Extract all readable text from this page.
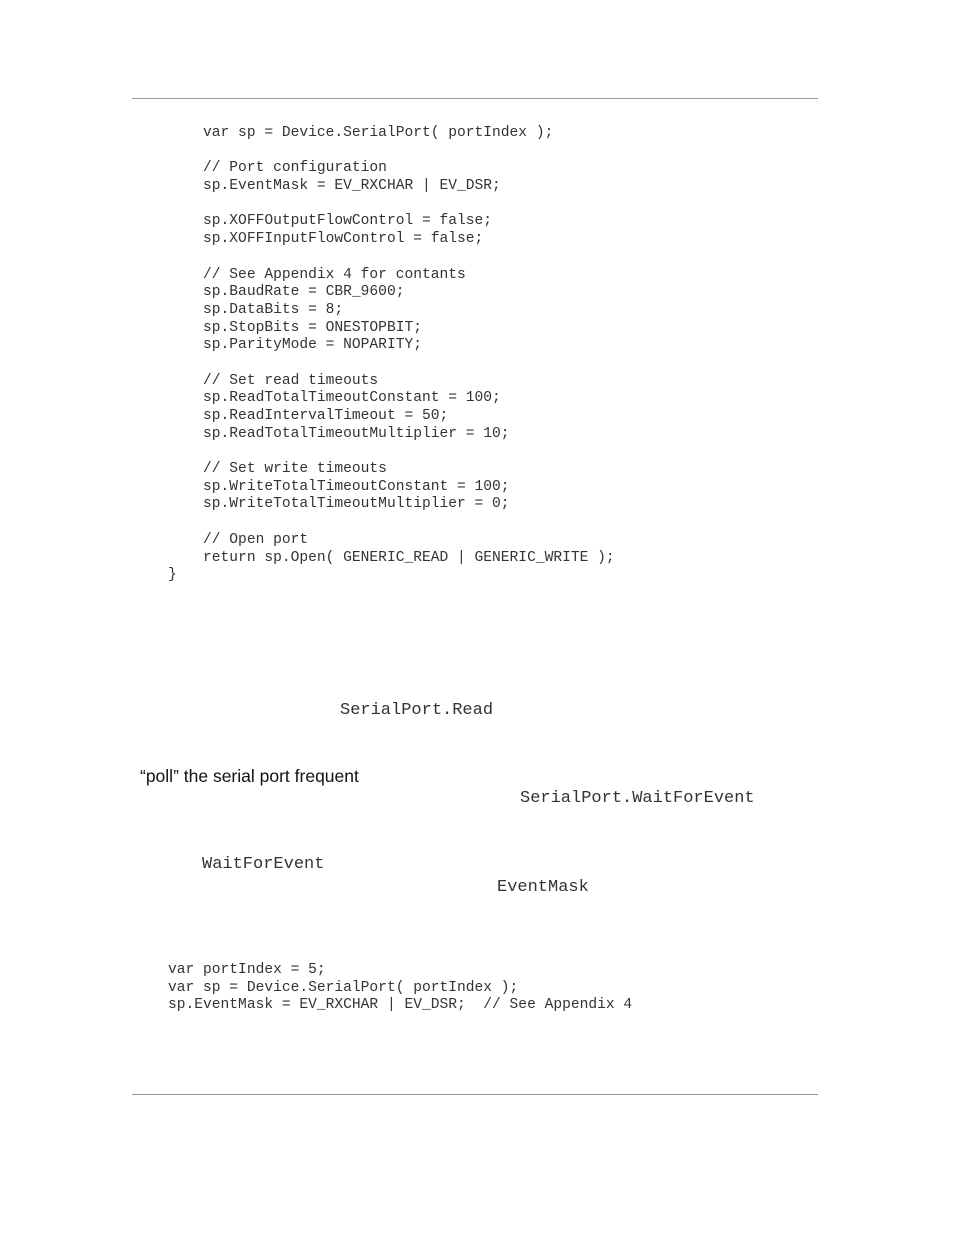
var sp = Device.SerialPort( portIndex );
// Port configuration
sp.EventMask = EV_RXCHAR | EV_DSR;
sp.XOFFOutputFlowControl = false;
sp.XOFFInputFlowControl = false;
// See Appendix 4 for contants
sp.BaudRate = CBR_9600;
sp.DataBits = 8;
sp.StopBits = ONESTOPBIT;
sp.ParityMode = NOPARITY;
// Set read timeouts
sp.ReadTotalTimeoutConstant = 100;
sp.ReadIntervalTimeout = 50;
sp.ReadTotalTimeoutMultiplier = 10;
// Set write timeouts
sp.WriteTotalTimeoutConstant = 100;
sp.WriteTotalTimeoutMultiplier = 0;
// Open port
return sp.Open( GENERIC_READ | GENERIC_WRITE );
}
SerialPort.Read
“poll” the serial port frequent
SerialPort.WaitForEvent
WaitForEvent
EventMask
var portIndex = 5;
var sp = Device.SerialPort( portIndex );
sp.EventMask = EV_RXCHAR | EV_DSR;  // See Appendix 4
